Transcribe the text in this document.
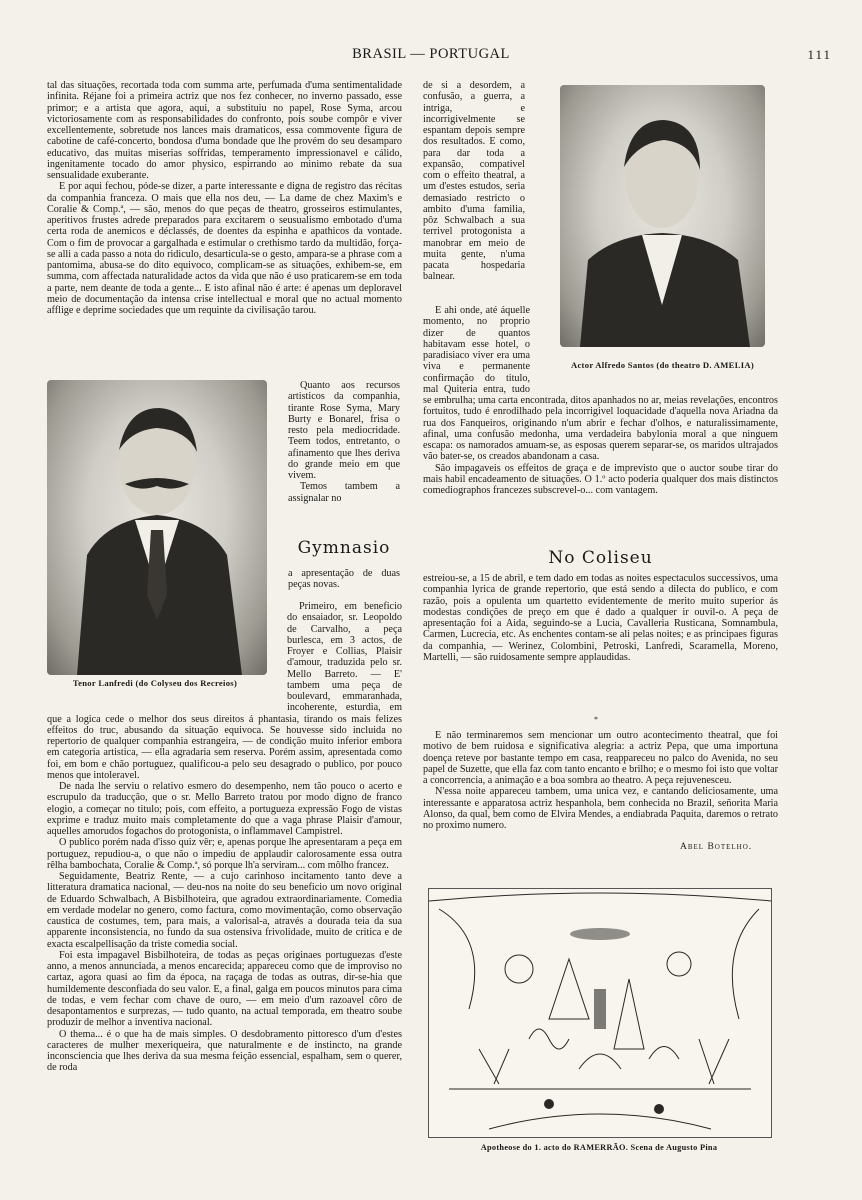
BRASIL — PORTUGAL	111

tal das situações, recortada toda com summa arte, perfumada d'uma sentimentalidade infinita. Réjane foi a primeira actriz que nos fez conhecer, no inverno passado, esse primor; e a artista que agora, aqui, a substituiu no papel, Rose Syma, arcou victoriosamente com as responsabilidades do confronto, pois soube compôr e viver excellentemente, sobretude nos lances mais dramaticos, essa commovente figura de cabotine de café-concerto, bondosa d'uma bondade que lhe provém do seu desamparo educativo, das muitas miserias soffridas, temperamento impressionavel e cálido, ingenitamente tocado do amor physico, espirrando ao minimo rebate da sua sensualidade exuberante.

E por aqui fechou, póde-se dizer, a parte interessante e digna de registro das récitas da companhia franceza. O mais que ella nos deu, — La dame de chez Maxim's e Coralie & Comp.ª, — são, menos do que peças de theatro, grosseiros estimulantes, aperitivos frustes adrede preparados para excitarem o seusualismo embotado d'uma certa roda de anemicos e déclassés, de doentes da espinha e apathicos da vontade. Com o fim de provocar a gargalhada e estimular o crethismo tardo da multidão, força-se alli a cada passo a nota do ridiculo, desarticula-se o gesto, ampara-se a phrase com a pantomima, abusa-se do dito equivoco, complicam-se as situações, exhibem-se, em summa, com affectada naturalidade actos da vida que não é uso praticarem-se em toda a parte, nem deante de toda a gente... E isto afinal não é arte: é apenas um deploravel meio de documentação da intensa crise intellectual e moral que no actual momento afflige e deprime sociedades que um requinte da civilisação tarou.

Tenor Lanfredi (do Colyseu dos Recreios)

Quanto aos recursos artisticos da companhia, tirante Rose Syma, Mary Burty e Bonarel, frisa o resto pela mediocridade. Teem todos, entretanto, o afinamento que lhes deriva do grande meio em que vivem.

Temos tambem a assignalar no

Gymnasio

a apresentação de duas peças novas.

Primeiro, em beneficio do ensaiador, sr. Leopoldo de Carvalho, a peça burlesca, em 3 actos, de Froyer e Collias, Plaisir d'amour, traduzida pelo sr. Mello Barreto. — E' tambem uma peça de boulevard, emmaranhada, incoherente, esturdia, em que a logica cede o melhor dos seus direitos á phantasia, tirando os mais felizes effeitos do truc, abusando da situação equivoca. Se houvesse sido incluida no repertorio de qualquer companhia estrangeira, — de condição muito inferior embora em categoria artistica, — ella agradaria sem reserva. Porém assim, apresentada como foi, em bom e chão portuguez, qualificou-a pelo seu desagrado o publico, por pouco menos que intoleravel.

De nada lhe serviu o relativo esmero do desempenho, nem tão pouco o acerto e escrupulo da traducção, que o sr. Mello Barreto tratou por modo digno de franco elogio, a começar no titulo; pois, com effeito, a portugueza expressão Fogo de vistas exprime e traduz muito mais completamente do que a vaga phrase Plaisir d'amour, aquelles amorudos fogachos do protogonista, o inflammavel Campistrel.

O publico porém nada d'isso quiz vêr; e, apenas porque lhe apresentaram a peça em portuguez, repudiou-a, o que não o impediu de applaudir calorosamente essa outra rêlha bambochata, Coralie & Comp.ª, só porque lh'a serviram... com môlho francez.

Seguidamente, Beatriz Rente, — a cujo carinhoso incitamento tanto deve a litteratura dramatica nacional, — deu-nos na noite do seu beneficio um novo original de Eduardo Schwalbach, A Bisbilhoteira, que agradou extraordinariamente. Comedia em verdade modelar no genero, como factura, como movimentação, como observação caustica de costumes, tem, para mais, a valorisal-a, através a dourada teia da sua apparente inconsistencia, no fundo da sua ostensiva frivolidade, muito de critica e de exacta escalpellisação da triste comedia social.

Foi esta impagavel Bisbilhoteira, de todas as peças originaes portuguezas d'este anno, a menos annunciada, a menos encarecida; appareceu como que de improviso no cartaz, agora quasi ao fim da época, na raçaga de todas as outras, dir-se-hia que humildemente desconfiada do seu valor. E, a final, galga em poucos minutos para cima de todas, e vem fechar com chave de ouro, — em meio d'um razoavel côro de desapontamentos e surprezas, — tudo quanto, na actual temporada, em theatro soube produzir de melhor a inventiva nacional.

O thema... é o que ha de mais simples. O desdobramento pittoresco d'um d'estes caracteres de mulher mexeriqueira, que naturalmente e de instincto, na grande inconsciencia que lhes deriva da sua mesma feição essencial, espalham, sem o querer, de roda

de si a desordem, a confusão, a guerra, a intriga, e incorrigivelmente se espantam depois sempre dos resultados. E como, para dar toda a expansão, compativel com o effeito theatral, a um d'estes estudos, seria demasiado restricto o ambito d'uma familia, pôz Schwalbach a sua terrivel protogonista a manobrar em meio de muita gente, n'uma pacata hospedaria balnear.

Actor Alfredo Santos (do theatro D. AMELIA)

E ahi onde, até áquelle momento, no proprio dizer de quantos habitavam esse hotel, o paradisiaco viver era uma viva e permanente confirmação do titulo, mal Quiteria entra, tudo se embrulha; uma carta encontrada, ditos apanhados no ar, meias revelações, encontros fortuitos, tudo é enrodilhado pela incorrigivel loquacidade d'aquella nova Ariadna da rua dos Fanqueiros, originando n'um abrir e fechar d'olhos, e naturalissimamente, afinal, uma confusão medonha, uma verdadeira babylonia moral a que ninguem escapa: os namorados amuam-se, as esposas querem separar-se, os maridos ultrajados vão bater-se, os creados abandonam a casa.

São impagaveis os effeitos de graça e de imprevisto que o auctor soube tirar do mais habil encadeamento de situações. O 1.º acto poderia qualquer dos mais distinctos comediographos francezes subscrevel-o... com vantagem.

No Coliseu

estreiou-se, a 15 de abril, e tem dado em todas as noites espectaculos successivos, uma companhia lyrica de grande repertorio, que está sendo a dilecta do publico, e com razão, pois a opulenta um quartetto evidentemente de merito muito superior ás modestas condições de preço em que é dado a qualquer ir ouvil-o. A peça de apresentação foi a Aida, seguindo-se a Lucia, Cavalleria Rusticana, Somnambula, Carmen, Lucrecia, etc. As enchentes contam-se ali pelas noites; e as principaes figuras da companhia, — Werinez, Colombini, Petroski, Lanfredi, Scaramella, Moreno, Martelli, — são ruidosamente sempre applaudidas.

*

E não terminaremos sem mencionar um outro acontecimento theatral, que foi motivo de bem ruidosa e significativa alegria: a actriz Pepa, que uma importuna doença reteve por bastante tempo em casa, reappareceu no palco do Avenida, no seu papel de Suzette, que ella faz com tanto encanto e brilho; e o mesmo foi isto que voltar a concorrencia, a animação e a boa sombra ao theatro. A peça rejuvenesceu.

N'essa noite appareceu tambem, uma unica vez, e cantando deliciosamente, uma interessante e apparatosa actriz hespanhola, bem conhecida no Brazil, señorita Maria Alonso, da qual, bem como de Elvira Mendes, a endiabrada Paquita, daremos o retrato no proximo numero.

Abel Botelho.
Apotheose do 1. acto do RAMERRÃO. Scena de Augusto Pina
